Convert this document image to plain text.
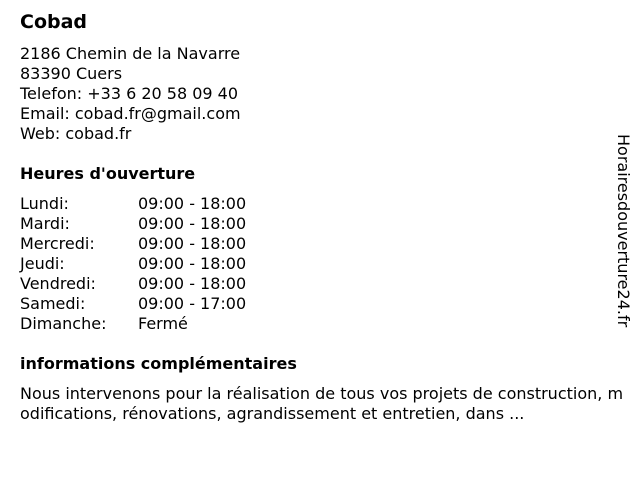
Cobad
2186 Chemin de la Navarre
83390 Cuers
Telefon: +33 6 20 58 09 40
Email: cobad.fr@gmail.com
Web: cobad.fr
Heures d'ouverture
Lundi:	09:00 - 18:00
Mardi:	09:00 - 18:00
Mercredi:	09:00 - 18:00
Jeudi:	09:00 - 18:00
Vendredi:	09:00 - 18:00
Samedi:	09:00 - 17:00
Dimanche: Fermé
informations complémentaires
Nous intervenons pour la réalisation de tous vos projets de construction, modifications, rénovations, agrandissement et entretien, dans ...
Horairesdouverture24.fr
